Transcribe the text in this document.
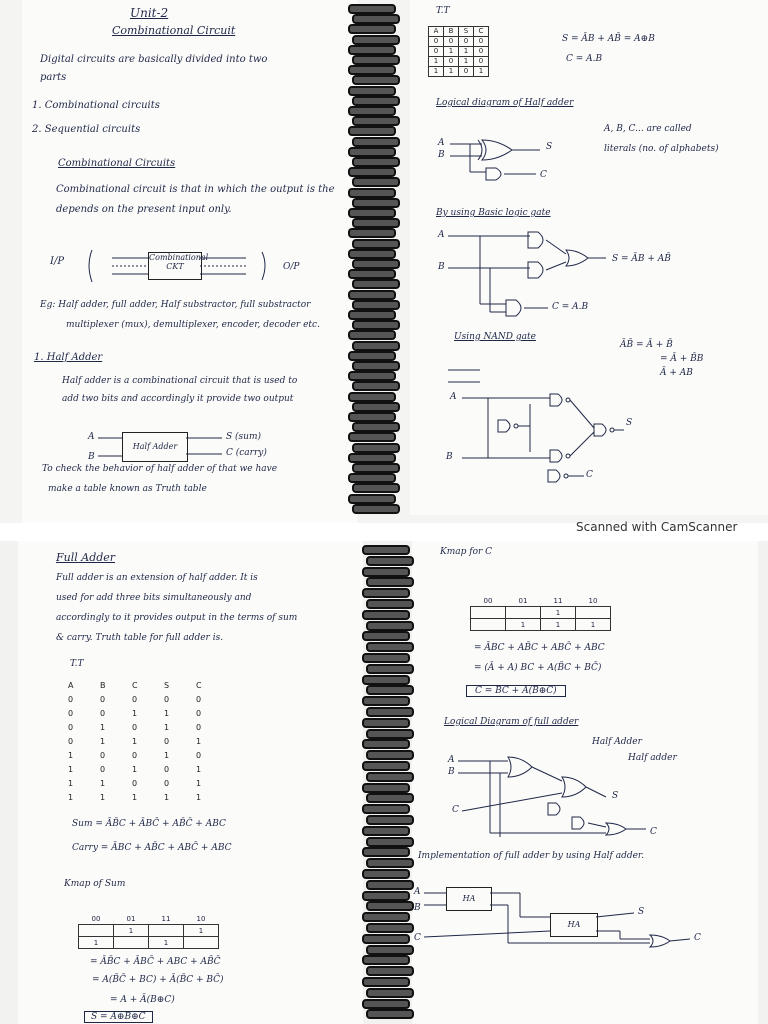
Unit-2
Combinational Circuit
Digital circuits are basically divided into two
parts
1. Combinational circuits
2. Sequential circuits
Combinational Circuits
Combinational circuit is that in which the output is the
depends on the present input only.
I/P	Combinational
CKT	O/P
Eg: Half adder, full adder, Half substractor, full substractor
multiplexer (mux), demultiplexer, encoder, decoder etc.
1. Half Adder
Half adder is a combinational circuit that is used to
add two bits and accordingly it provide two output
A
B
Half Adder
S (sum)
C (carry)
To check the behavior of half adder of that we have
make a table known as Truth table
T.T
A	B	S	C
0	0	0	0
0	1	1	0
1	0	1	0
1	1	0	1
S = ĀB + AB̄ = A⊕B
C = A.B
Logical diagram of Half adder
A, B, C... are called
literals (no. of alphabets)
By using Basic logic gate
S = ĀB + AB̄
C = A.B
Using NAND gate
ĀB̄ = Ā + B̄
= Ā + B̄B
Ā + AB
A
B
S
C
A
B
A
B
S
C
Scanned with CamScanner
Full Adder
Full adder is an extension of half adder. It is
used for add three bits simultaneously and
accordingly to it provides output in the terms of sum
& carry. Truth table for full adder is.
T.T
A	B	C	S	C
0	0	0	0	0
0	0	1	1	0
0	1	0	1	0
0	1	1	0	1
1	0	0	1	0
1	0	1	0	1
1	1	0	0	1
1	1	1	1	1
Sum = ĀB̄C + ĀBC̄ + AB̄C̄ + ABC
Carry = ĀBC + AB̄C + ABC̄ + ABC
Kmap of Sum
00	01	11	10
	1		1
1		1	
= ĀB̄C + ĀBC̄ + ABC + AB̄C̄
= A(B̄C̄ + BC) + Ā(B̄C + BC̄)
= A + Ā(B⊕C)
S = A⊕B⊕C
Kmap for C
00	01	11	10
		1	
	1	1	1
= ĀBC + AB̄C + ABC̄ + ABC
= (Ā + A) BC + A(B̄C + BC̄)
C = BC + A(B⊕C)
Logical Diagram of full adder
Half Adder
Half adder
A
B
C
S
C
Implementation of full adder by using Half adder.
A
B
C
HA
HA
S
C
